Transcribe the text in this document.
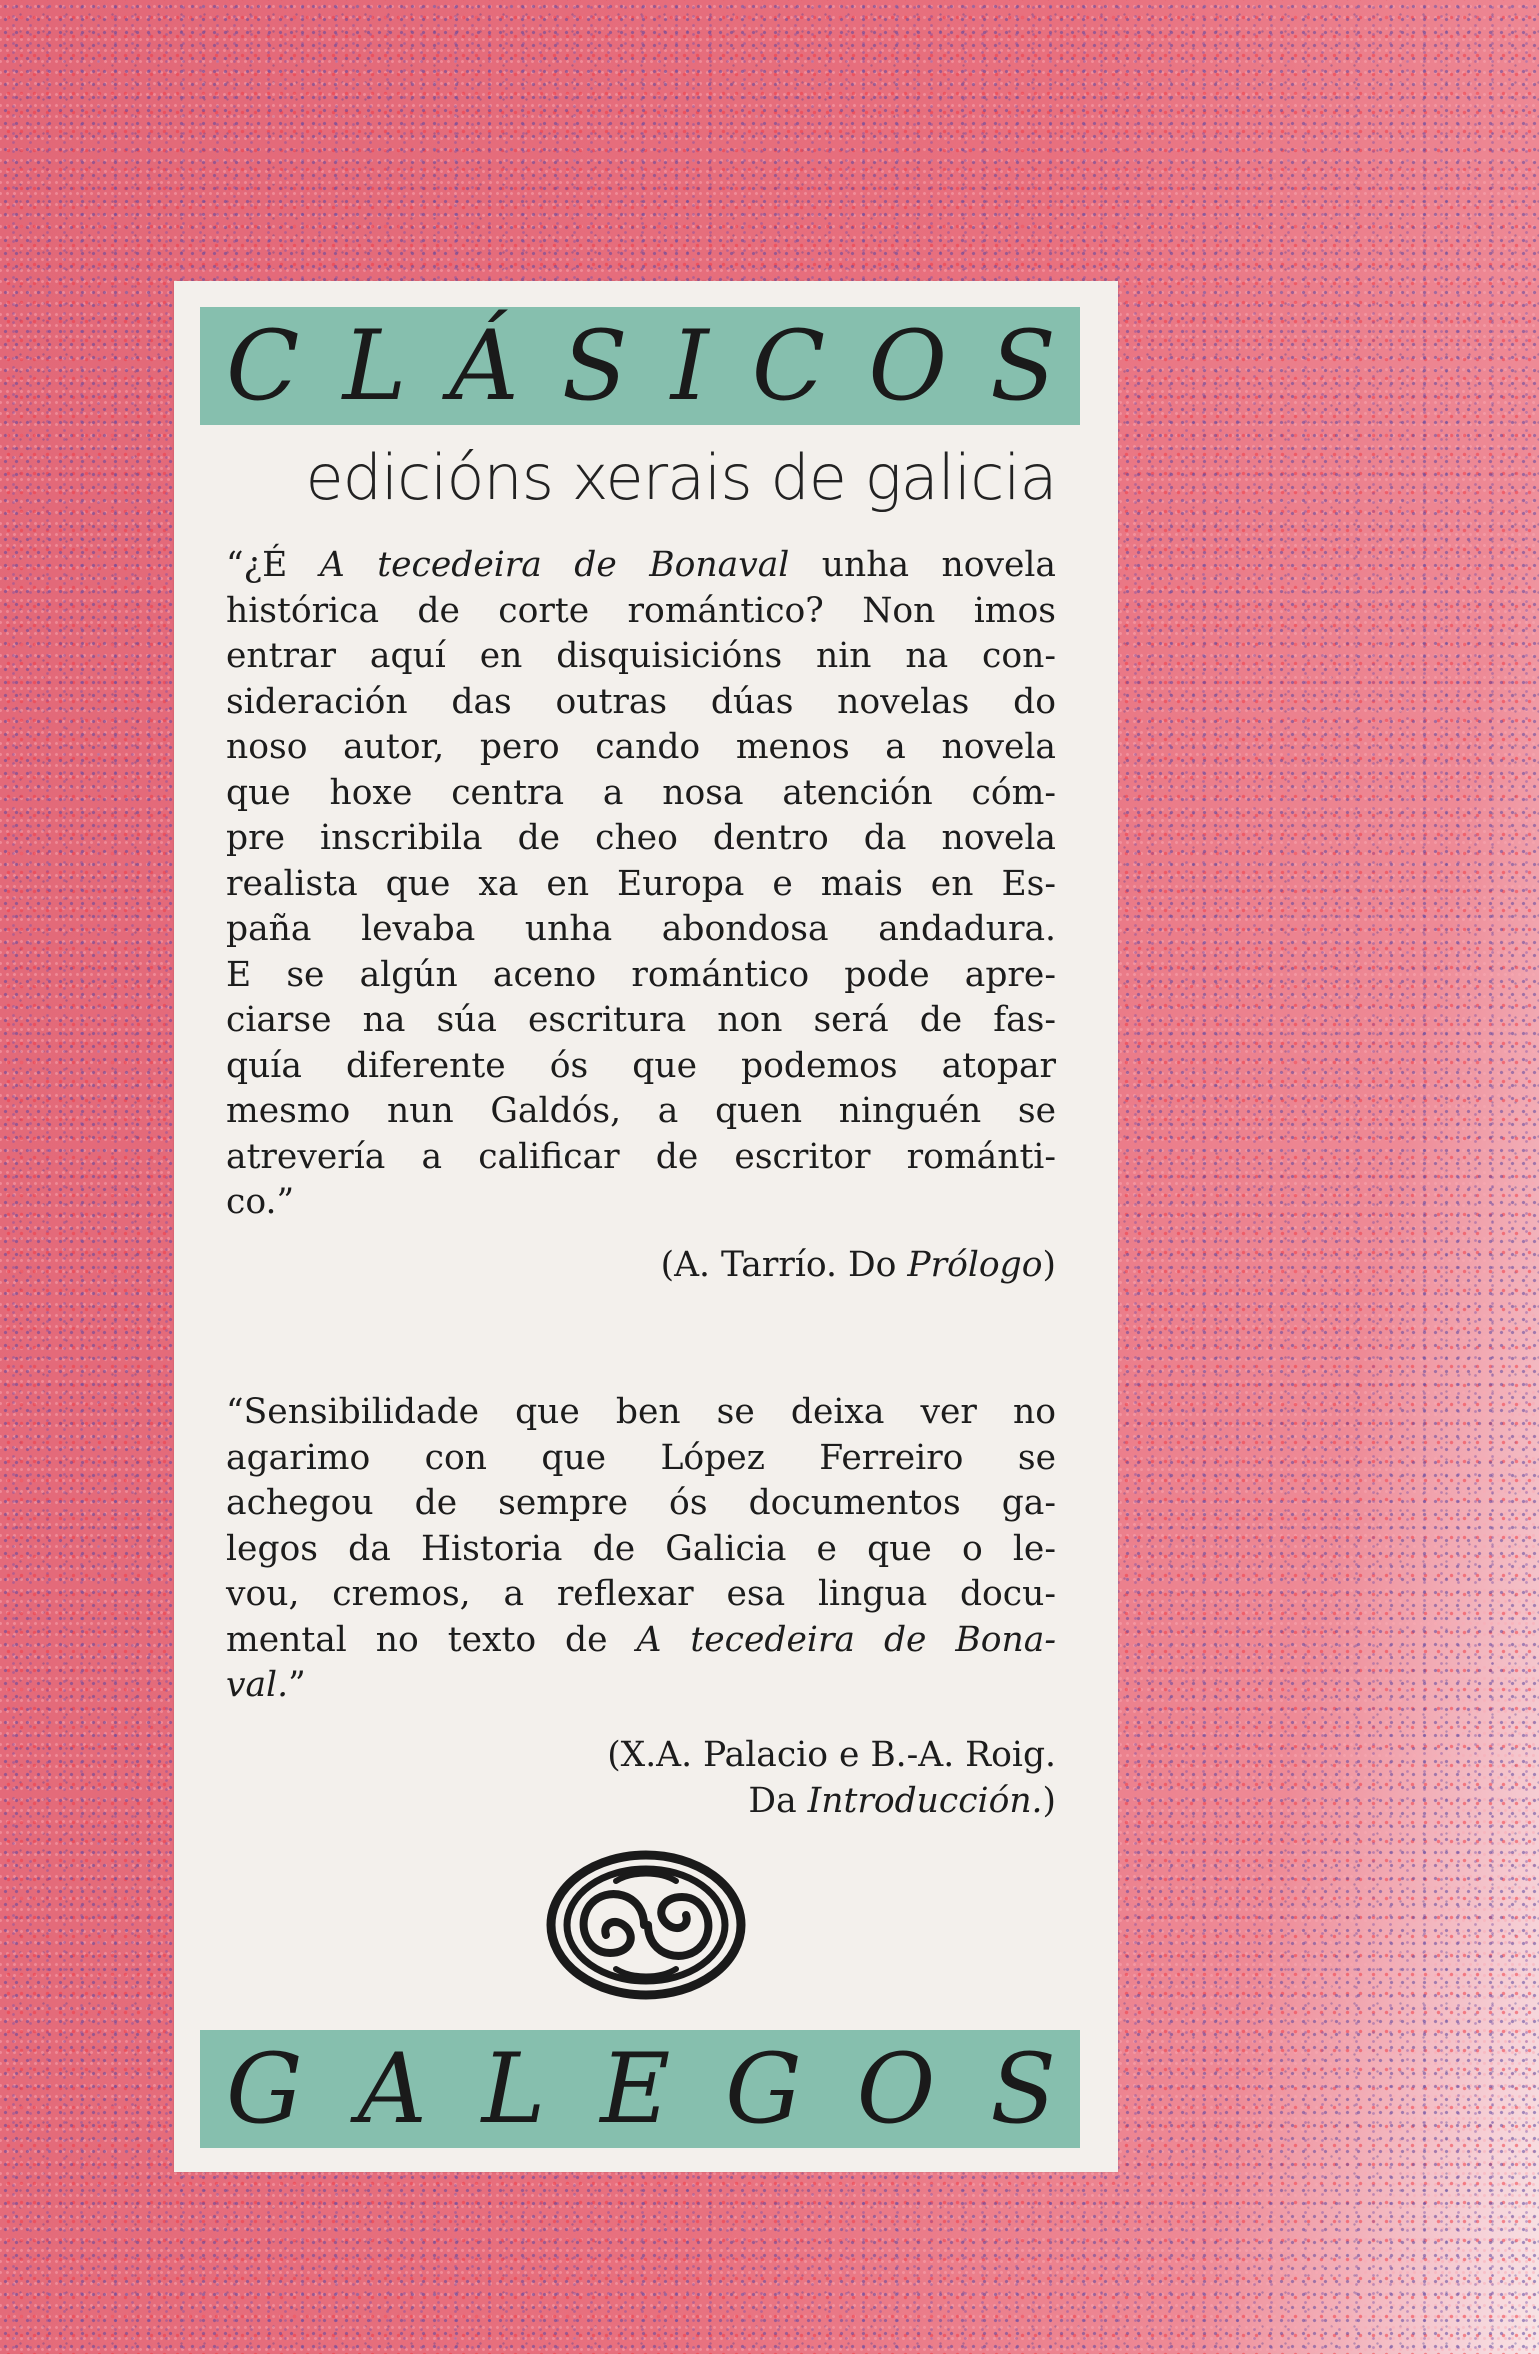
C L Á S I C O S
edicións xerais de galicia
“¿É A tecedeira de Bonaval unha novela
histórica de corte romántico? Non imos
entrar aquí en disquisicións nin na con-
sideración das outras dúas novelas do
noso autor, pero cando menos a novela
que hoxe centra a nosa atención cóm-
pre inscribila de cheo dentro da novela
realista que xa en Europa e mais en Es-
paña levaba unha abondosa andadura.
E se algún aceno romántico pode apre-
ciarse na súa escritura non será de fas-
quía diferente ós que podemos atopar
mesmo nun Galdós, a quen ninguén se
atrevería a calificar de escritor románti-
co.”
(A. Tarrío. Do Prólogo)
“Sensibilidade que ben se deixa ver no
agarimo con que López Ferreiro se
achegou de sempre ós documentos ga-
legos da Historia de Galicia e que o le-
vou, cremos, a reflexar esa lingua docu-
mental no texto de A tecedeira de Bona-
val.”
(X.A. Palacio e B.-A. Roig.
Da Introducción.)
G A L E G O S
